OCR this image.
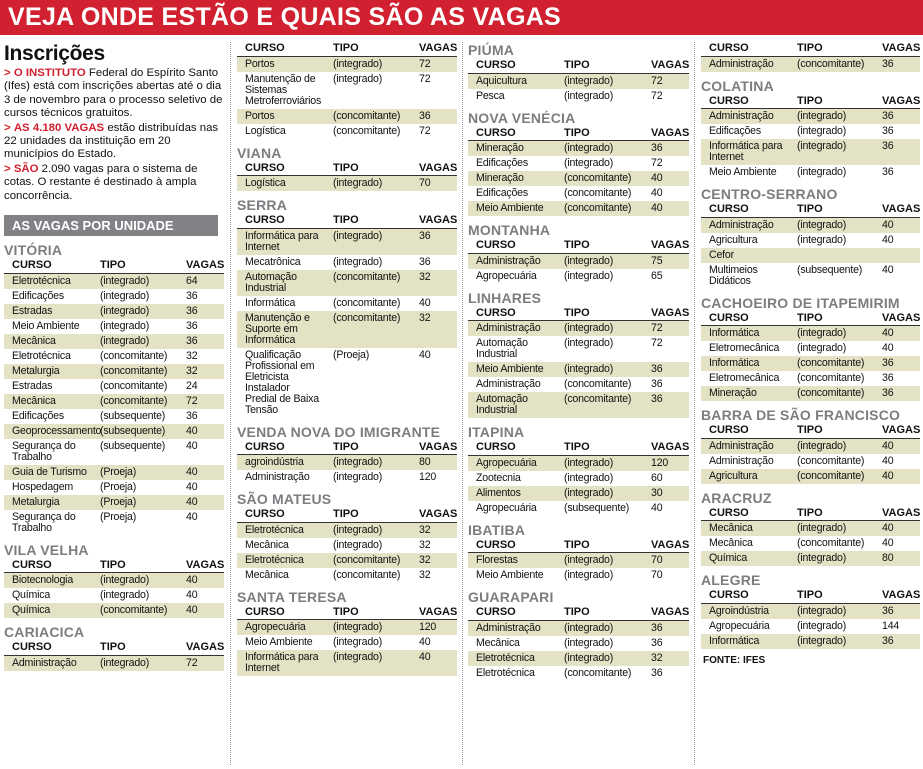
VEJA ONDE ESTÃO E QUAIS SÃO AS VAGAS
Inscrições

> O INSTITUTO Federal do Espírito Santo (Ifes) está com inscrições abertas até o dia 3 de novembro para o processo seletivo de cursos técnicos gratuitos.

> AS 4.180 VAGAS estão distribuídas nas 22 unidades da instituição em 20 municípios do Estado.

> SÃO 2.090 vagas para o sistema de cotas. O restante é destinado à ampla concorrência.

AS VAGAS POR UNIDADE
VITÓRIA
CURSO	TIPO	VAGAS
Eletrotécnica	(integrado)	64
Edificações	(integrado)	36
Estradas	(integrado)	36
Meio Ambiente	(integrado)	36
Mecânica	(integrado)	36
Eletrotécnica	(concomitante)	32
Metalurgia	(concomitante)	32
Estradas	(concomitante)	24
Mecânica	(concomitante)	72
Edificações	(subsequente)	36
Geoprocessamento	(subsequente)	40
Segurança do Trabalho	(subsequente)	40
Guia de Turismo	(Proeja)	40
Hospedagem	(Proeja)	40
Metalurgia	(Proeja)	40
Segurança do Trabalho	(Proeja)	40
VILA VELHA
CURSO	TIPO	VAGAS
Biotecnologia	(integrado)	40
Química	(integrado)	40
Química	(concomitante)	40
CARIACICA
CURSO	TIPO	VAGAS
Administração	(integrado)	72
CURSO	TIPO	VAGAS
Portos	(integrado)	72
Manutenção de Sistemas Metroferroviários	(integrado)	72
Portos	(concomitante)	36
Logística	(concomitante)	72
VIANA
CURSO	TIPO	VAGAS
Logística	(integrado)	70
SERRA
CURSO	TIPO	VAGAS
Informática para Internet	(integrado)	36
Mecatrônica	(integrado)	36
Automação Industrial	(concomitante)	32
Informática	(concomitante)	40
Manutenção e Suporte em Informática	(concomitante)	32
Qualificação Profissional em Eletricista Instalador Predial de Baixa Tensão	(Proeja)	40
VENDA NOVA DO IMIGRANTE
CURSO	TIPO	VAGAS
agroindústria	(integrado)	80
Administração	(integrado)	120
SÃO MATEUS
CURSO	TIPO	VAGAS
Eletrotécnica	(integrado)	32
Mecânica	(integrado)	32
Eletrotécnica	(concomitante)	32
Mecânica	(concomitante)	32
SANTA TERESA
CURSO	TIPO	VAGAS
Agropecuária	(integrado)	120
Meio Ambiente	(integrado)	40
Informática para Internet	(integrado)	40
PIÚMA
CURSO	TIPO	VAGAS
Aquicultura	(integrado)	72
Pesca	(integrado)	72
NOVA VENÉCIA
CURSO	TIPO	VAGAS
Mineração	(integrado)	36
Edificações	(integrado)	72
Mineração	(concomitante)	40
Edificações	(concomitante)	40
Meio Ambiente	(concomitante)	40
MONTANHA
CURSO	TIPO	VAGAS
Administração	(integrado)	75
Agropecuária	(integrado)	65
LINHARES
CURSO	TIPO	VAGAS
Administração	(integrado)	72
Automação Industrial	(integrado)	72
Meio Ambiente	(integrado)	36
Administração	(concomitante)	36
Automação Industrial	(concomitante)	36
ITAPINA
CURSO	TIPO	VAGAS
Agropecuária	(integrado)	120
Zootecnia	(integrado)	60
Alimentos	(integrado)	30
Agropecuária	(subsequente)	40
IBATIBA
CURSO	TIPO	VAGAS
Florestas	(integrado)	70
Meio Ambiente	(integrado)	70
GUARAPARI
CURSO	TIPO	VAGAS
Administração	(integrado)	36
Mecânica	(integrado)	36
Eletrotécnica	(integrado)	32
Eletrotécnica	(concomitante)	36
CURSO	TIPO	VAGAS
Administração	(concomitante)	36
COLATINA
CURSO	TIPO	VAGAS
Administração	(integrado)	36
Edificações	(integrado)	36
Informática para Internet	(integrado)	36
Meio Ambiente	(integrado)	36
CENTRO-SERRANO
CURSO	TIPO	VAGAS
Administração	(integrado)	40
Agricultura	(integrado)	40
Cefor		
Multimeios Didáticos	(subsequente)	40
CACHOEIRO DE ITAPEMIRIM
CURSO	TIPO	VAGAS
Informática	(integrado)	40
Eletromecânica	(integrado)	40
Informática	(concomitante)	36
Eletromecânica	(concomitante)	36
Mineração	(concomitante)	36
BARRA DE SÃO FRANCISCO
CURSO	TIPO	VAGAS
Administração	(integrado)	40
Administração	(concomitante)	40
Agricultura	(concomitante)	40
ARACRUZ
CURSO	TIPO	VAGAS
Mecânica	(integrado)	40
Mecânica	(concomitante)	40
Química	(integrado)	80
ALEGRE
CURSO	TIPO	VAGAS
Agroindústria	(integrado)	36
Agropecuária	(integrado)	144
Informática	(integrado)	36
FONTE: IFES
